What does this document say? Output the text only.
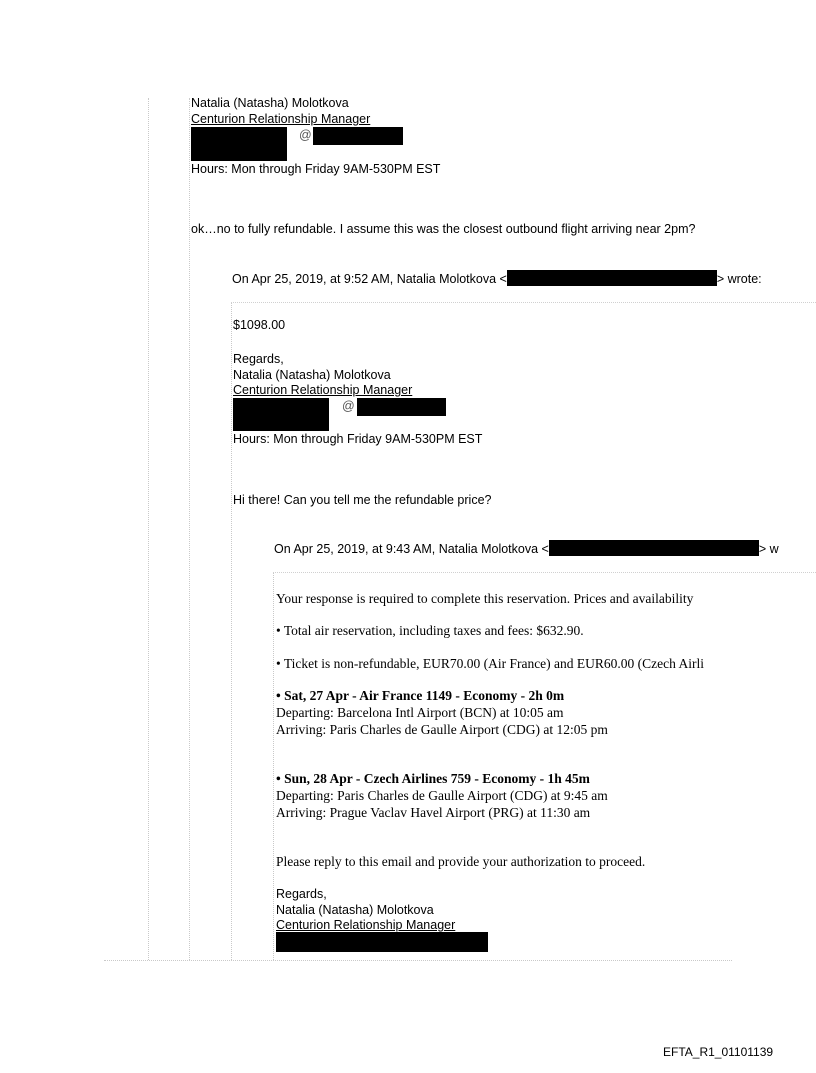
Natalia (Natasha) Molotkova
Centurion Relationship Manager
@
Hours: Mon through Friday 9AM-530PM EST
ok…no to fully refundable. I assume this was the closest outbound flight arriving near 2pm?
On Apr 25, 2019, at 9:52 AM, Natalia Molotkova <	> wrote:
$1098.00
Regards,
Natalia (Natasha) Molotkova
Centurion Relationship Manager
@
Hours: Mon through Friday 9AM-530PM EST
Hi there! Can you tell me the refundable price?
On Apr 25, 2019, at 9:43 AM, Natalia Molotkova <	> w
Your response is required to complete this reservation. Prices and availability
• Total air reservation, including taxes and fees: $632.90.
• Ticket is non-refundable, EUR70.00 (Air France) and EUR60.00 (Czech Airli
• Sat, 27 Apr - Air France 1149 - Economy - 2h 0m
Departing: Barcelona Intl Airport (BCN) at 10:05 am
Arriving: Paris Charles de Gaulle Airport (CDG) at 12:05 pm
• Sun, 28 Apr - Czech Airlines 759 - Economy - 1h 45m
Departing: Paris Charles de Gaulle Airport (CDG) at 9:45 am
Arriving: Prague Vaclav Havel Airport (PRG) at 11:30 am
Please reply to this email and provide your authorization to proceed.
Regards,
Natalia (Natasha) Molotkova
Centurion Relationship Manager
EFTA_R1_01101139
